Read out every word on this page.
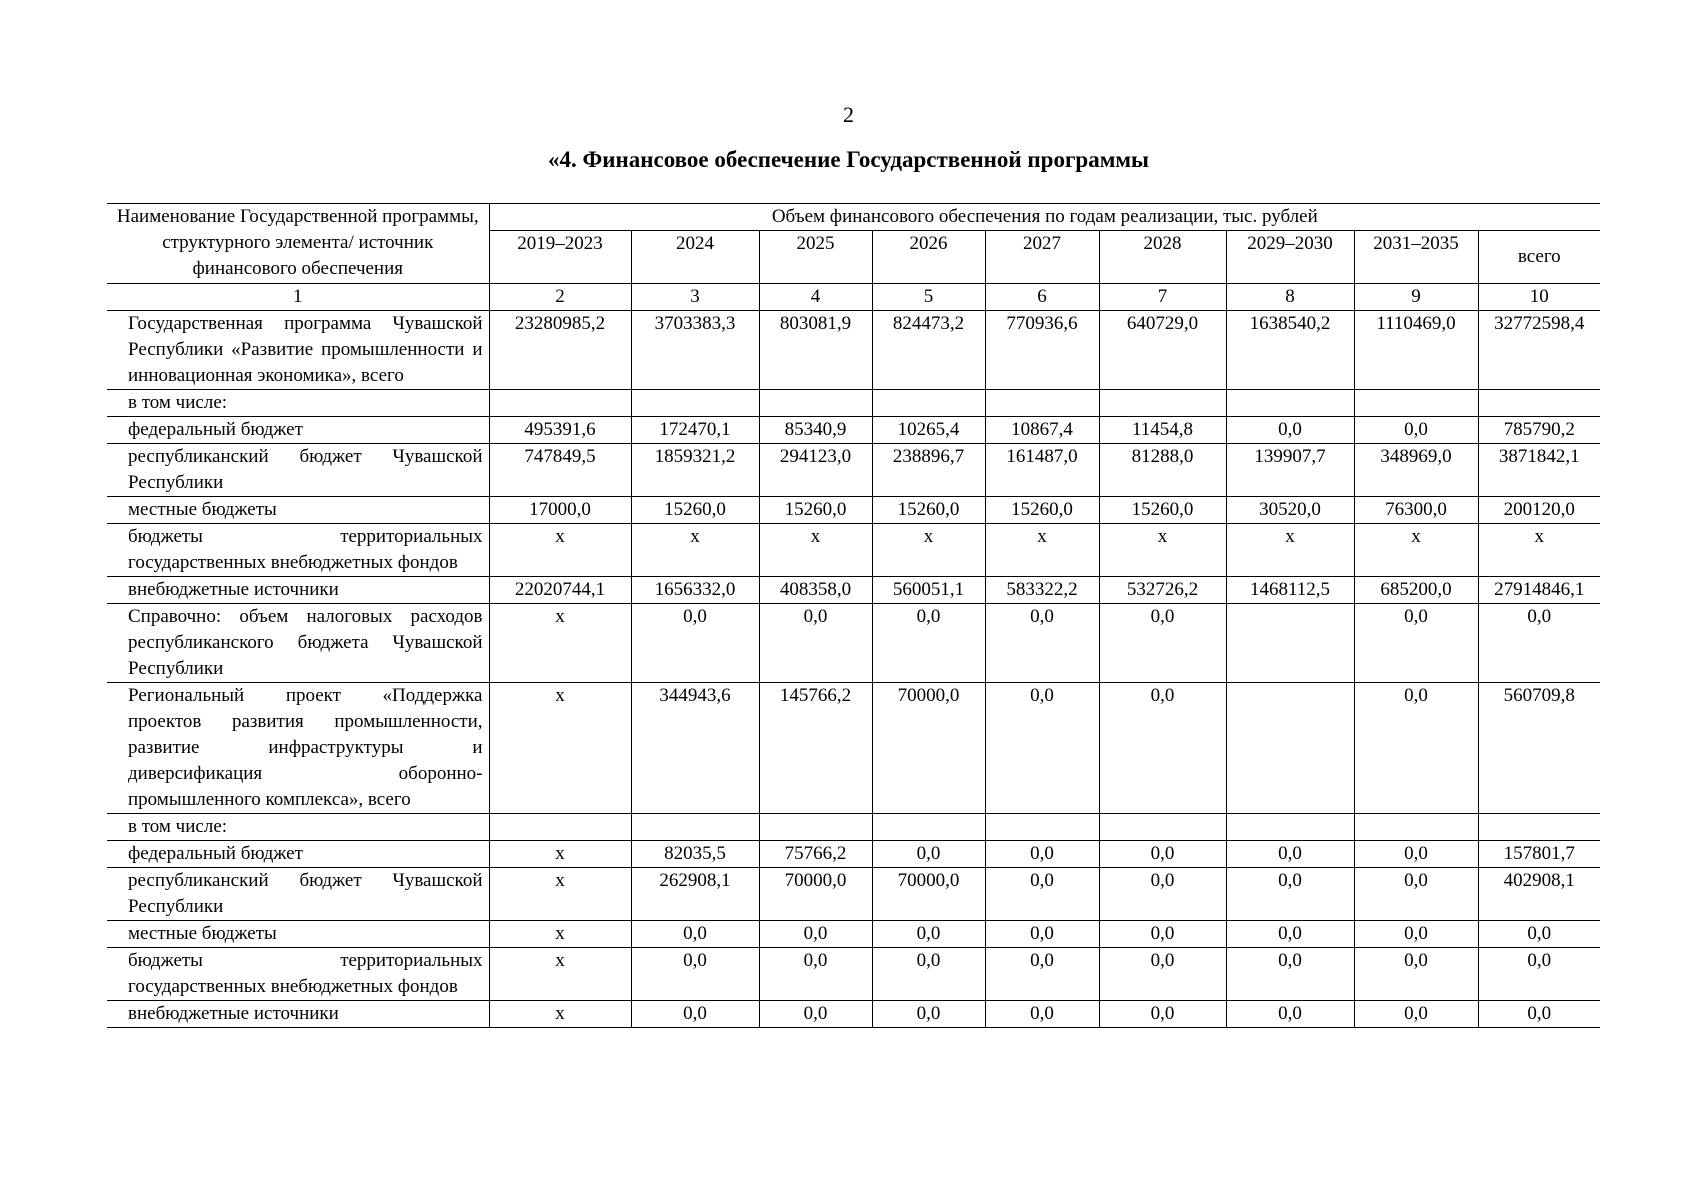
2
«4. Финансовое обеспечение Государственной программы
Наименование Государственной программы, структурного элемента/ источник финансового обеспечения	Объем финансового обеспечения по годам реализации, тыс. рублей								
	2019–2023	2024	2025	2026	2027	2028	2029–2030	2031–2035	всего
1	2	3	4	5	6	7	8	9	10
Государственная программа Чувашской Республики «Развитие промышленности и инновационная экономика», всего	23280985,2	3703383,3	803081,9	824473,2	770936,6	640729,0	1638540,2	1110469,0	32772598,4
в том числе:									
федеральный бюджет	495391,6	172470,1	85340,9	10265,4	10867,4	11454,8	0,0	0,0	785790,2
республиканский бюджет Чувашской Республики	747849,5	1859321,2	294123,0	238896,7	161487,0	81288,0	139907,7	348969,0	3871842,1
местные бюджеты	17000,0	15260,0	15260,0	15260,0	15260,0	15260,0	30520,0	76300,0	200120,0
бюджеты территориальных государственных внебюджетных фондов	х	х	х	х	х	х	х	х	х
внебюджетные источники	22020744,1	1656332,0	408358,0	560051,1	583322,2	532726,2	1468112,5	685200,0	27914846,1
Справочно: объем налоговых расходов республиканского бюджета Чувашской Республики	х	0,0	0,0	0,0	0,0	0,0		0,0	0,0
Региональный проект «Поддержка проектов развития промышленности, развитие инфраструктуры и диверсификация оборонно-промышленного комплекса», всего	х	344943,6	145766,2	70000,0	0,0	0,0		0,0	560709,8
в том числе:									
федеральный бюджет	х	82035,5	75766,2	0,0	0,0	0,0	0,0	0,0	157801,7
республиканский бюджет Чувашской Республики	х	262908,1	70000,0	70000,0	0,0	0,0	0,0	0,0	402908,1
местные бюджеты	х	0,0	0,0	0,0	0,0	0,0	0,0	0,0	0,0
бюджеты территориальных государственных внебюджетных фондов	х	0,0	0,0	0,0	0,0	0,0	0,0	0,0	0,0
внебюджетные источники	х	0,0	0,0	0,0	0,0	0,0	0,0	0,0	0,0
